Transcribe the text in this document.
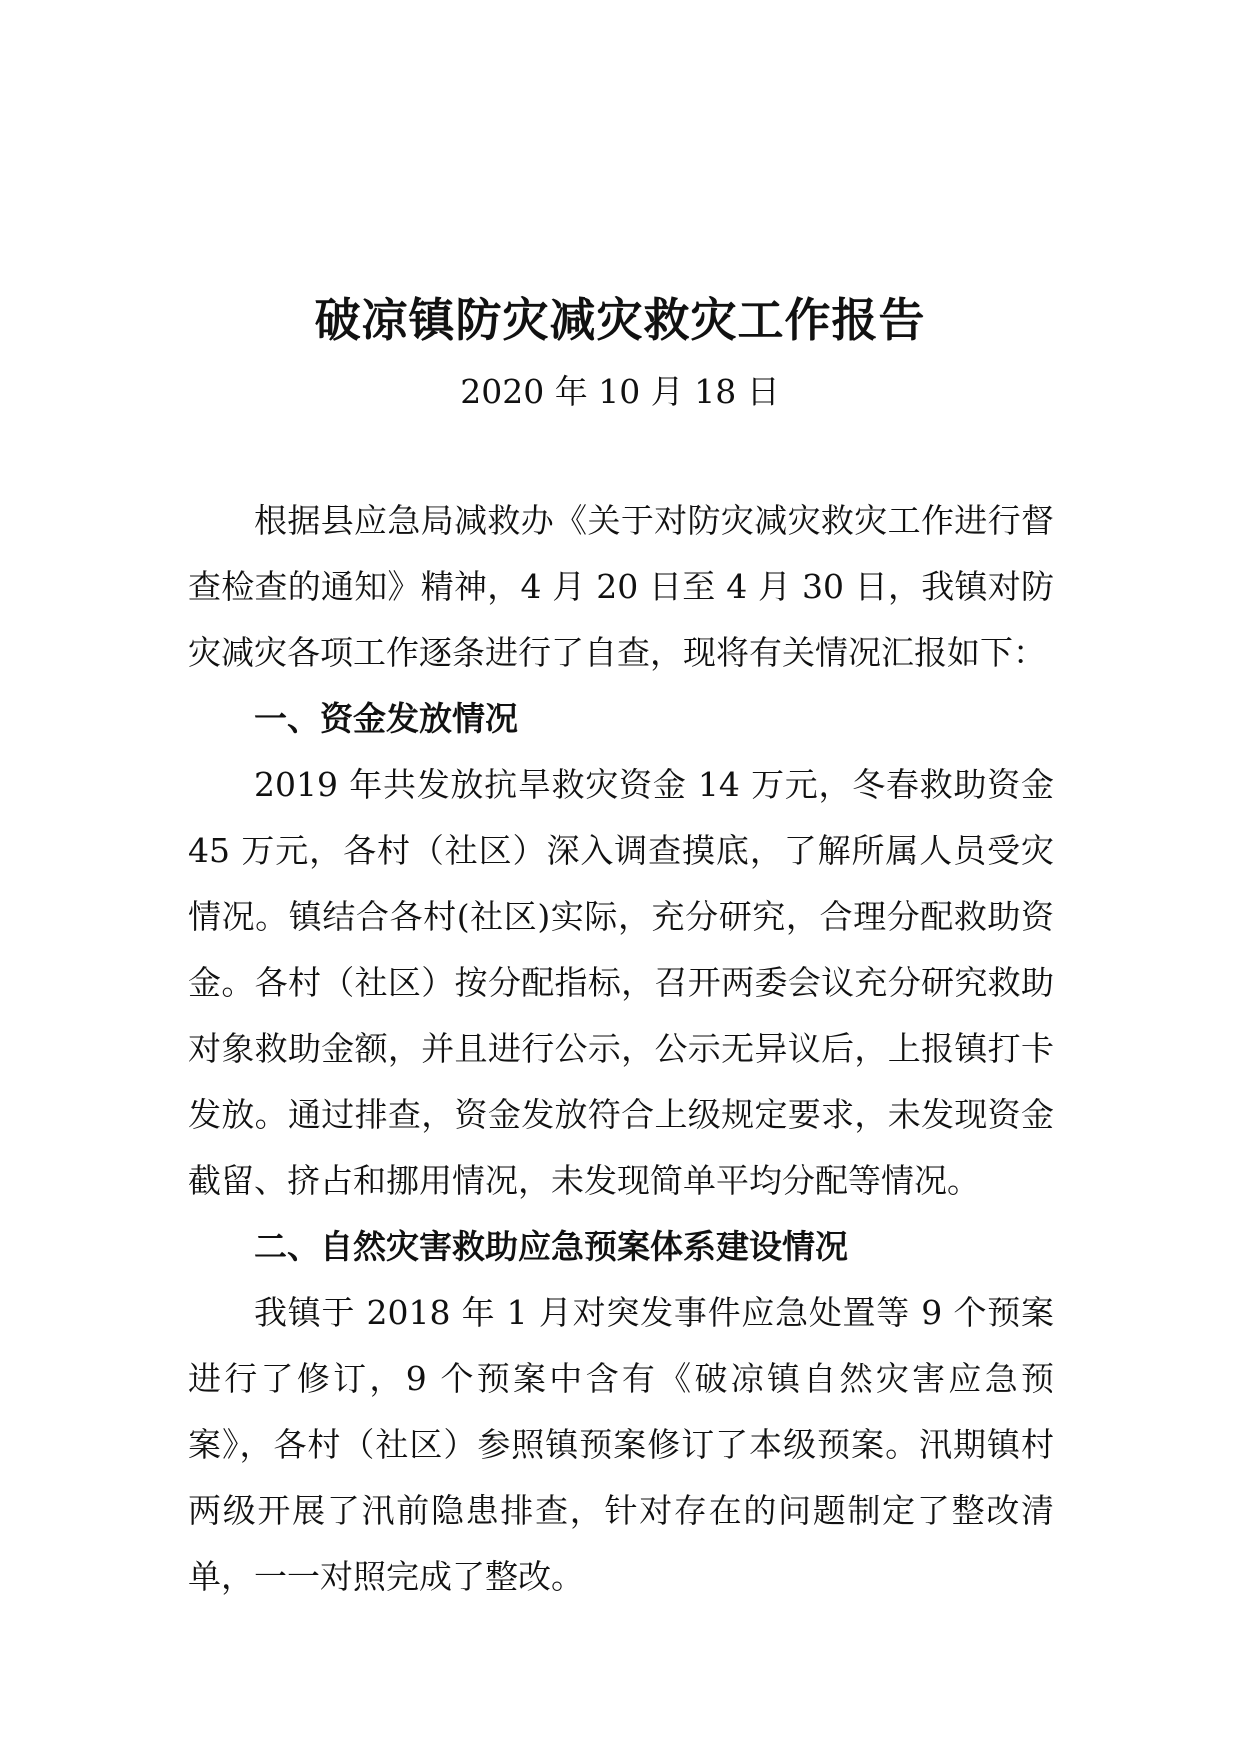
破凉镇防灾减灾救灾工作报告

2020 年 10 月 18 日

根据县应急局减救办《关于对防灾减灾救灾工作进行督查检查的通知》精神，4 月 20 日至 4 月 30 日，我镇对防灾减灾各项工作逐条进行了自查，现将有关情况汇报如下：

一、资金发放情况

2019 年共发放抗旱救灾资金 14 万元，冬春救助资金 45 万元，各村（社区）深入调查摸底，了解所属人员受灾情况。镇结合各村(社区)实际，充分研究，合理分配救助资金。各村（社区）按分配指标，召开两委会议充分研究救助对象救助金额，并且进行公示，公示无异议后，上报镇打卡发放。通过排查，资金发放符合上级规定要求，未发现资金截留、挤占和挪用情况，未发现简单平均分配等情况。

二、自然灾害救助应急预案体系建设情况

我镇于 2018 年 1 月对突发事件应急处置等 9 个预案进行了修订，9 个预案中含有《破凉镇自然灾害应急预案》，各村（社区）参照镇预案修订了本级预案。汛期镇村两级开展了汛前隐患排查，针对存在的问题制定了整改清单，一一对照完成了整改。
